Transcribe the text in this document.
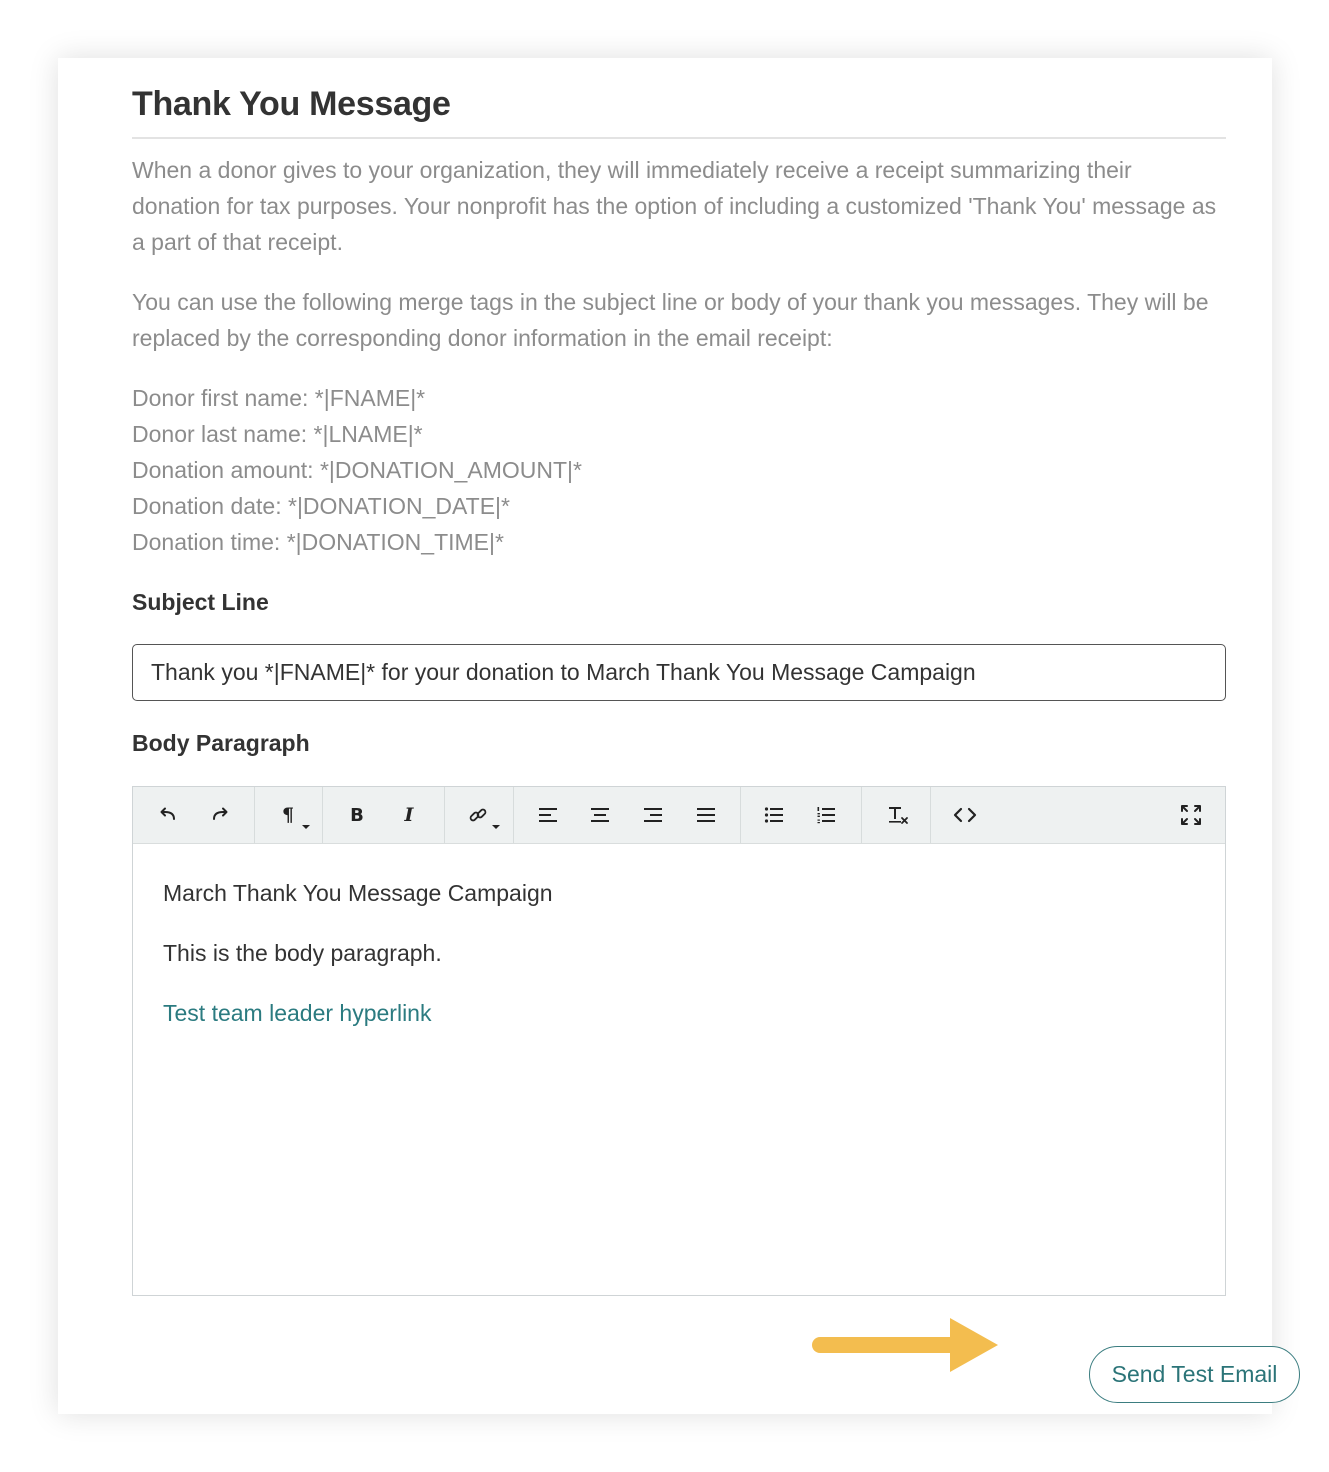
Thank You Message

When a donor gives to your organization, they will immediately receive a receipt summarizing their donation for tax purposes. Your nonprofit has the option of including a customized 'Thank You' message as a part of that receipt.

You can use the following merge tags in the subject line or body of your thank you messages. They will be replaced by the corresponding donor information in the email receipt:

Donor first name: *|FNAME|*
Donor last name: *|LNAME|*
Donation amount: *|DONATION_AMOUNT|*
Donation date: *|DONATION_DATE|*
Donation time: *|DONATION_TIME|*
Subject Line
Thank you *|FNAME|* for your donation to March Thank You Message Campaign
Body Paragraph
¶	B I

March Thank You Message Campaign

This is the body paragraph.

Test team leader hyperlink

Send Test Email
